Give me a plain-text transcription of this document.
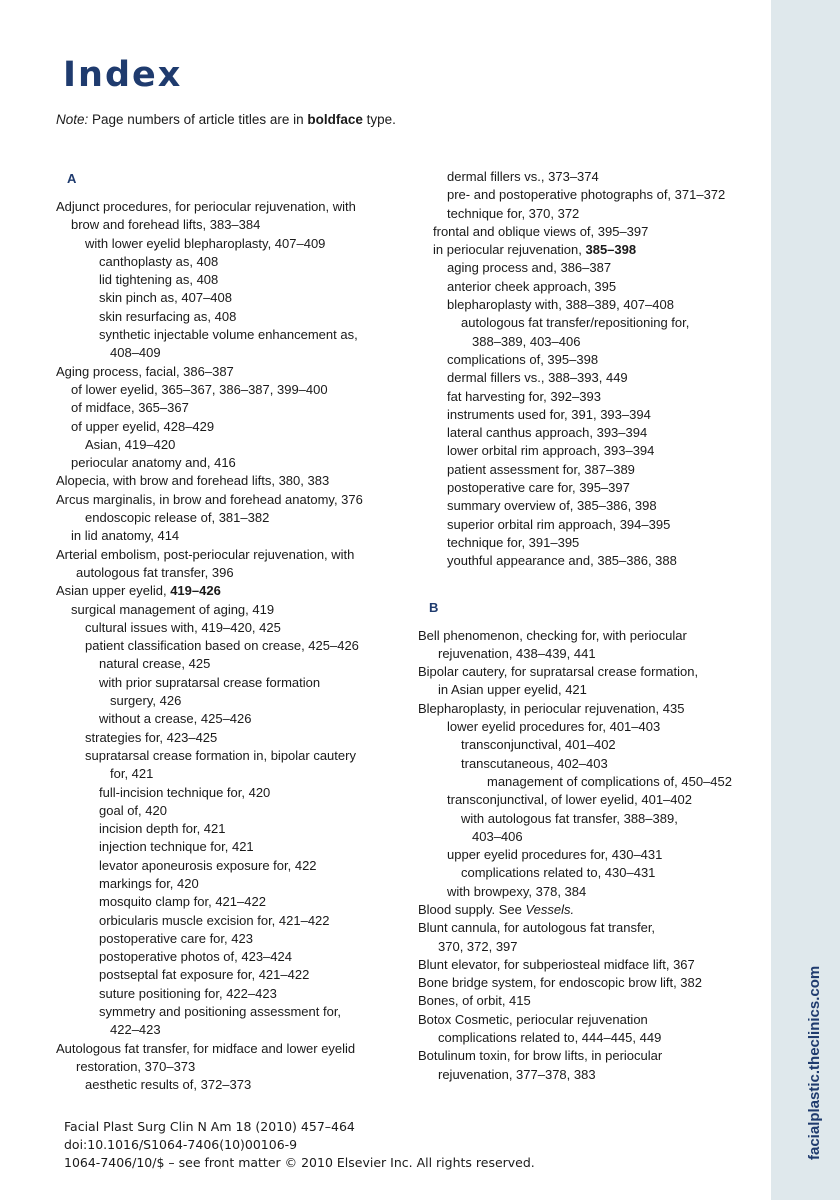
facialplastic.theclinics.com
Index
Note: Page numbers of article titles are in boldface type.
A
Adjunct procedures, for periocular rejuvenation, with
brow and forehead lifts, 383–384
with lower eyelid blepharoplasty, 407–409
canthoplasty as, 408
lid tightening as, 408
skin pinch as, 407–408
skin resurfacing as, 408
synthetic injectable volume enhancement as,
408–409
Aging process, facial, 386–387
of lower eyelid, 365–367, 386–387, 399–400
of midface, 365–367
of upper eyelid, 428–429
Asian, 419–420
periocular anatomy and, 416
Alopecia, with brow and forehead lifts, 380, 383
Arcus marginalis, in brow and forehead anatomy, 376
endoscopic release of, 381–382
in lid anatomy, 414
Arterial embolism, post-periocular rejuvenation, with
autologous fat transfer, 396
Asian upper eyelid, 419–426
surgical management of aging, 419
cultural issues with, 419–420, 425
patient classification based on crease, 425–426
natural crease, 425
with prior supratarsal crease formation
surgery, 426
without a crease, 425–426
strategies for, 423–425
supratarsal crease formation in, bipolar cautery
for, 421
full-incision technique for, 420
goal of, 420
incision depth for, 421
injection technique for, 421
levator aponeurosis exposure for, 422
markings for, 420
mosquito clamp for, 421–422
orbicularis muscle excision for, 421–422
postoperative care for, 423
postoperative photos of, 423–424
postseptal fat exposure for, 421–422
suture positioning for, 422–423
symmetry and positioning assessment for,
422–423
Autologous fat transfer, for midface and lower eyelid
restoration, 370–373
aesthetic results of, 372–373
dermal fillers vs., 373–374
pre- and postoperative photographs of, 371–372
technique for, 370, 372
frontal and oblique views of, 395–397
in periocular rejuvenation, 385–398
aging process and, 386–387
anterior cheek approach, 395
blepharoplasty with, 388–389, 407–408
autologous fat transfer/repositioning for,
388–389, 403–406
complications of, 395–398
dermal fillers vs., 388–393, 449
fat harvesting for, 392–393
instruments used for, 391, 393–394
lateral canthus approach, 393–394
lower orbital rim approach, 393–394
patient assessment for, 387–389
postoperative care for, 395–397
summary overview of, 385–386, 398
superior orbital rim approach, 394–395
technique for, 391–395
youthful appearance and, 385–386, 388
B
Bell phenomenon, checking for, with periocular
rejuvenation, 438–439, 441
Bipolar cautery, for supratarsal crease formation,
in Asian upper eyelid, 421
Blepharoplasty, in periocular rejuvenation, 435
lower eyelid procedures for, 401–403
transconjunctival, 401–402
transcutaneous, 402–403
management of complications of, 450–452
transconjunctival, of lower eyelid, 401–402
with autologous fat transfer, 388–389,
403–406
upper eyelid procedures for, 430–431
complications related to, 430–431
with browpexy, 378, 384
Blood supply. See Vessels.
Blunt cannula, for autologous fat transfer,
370, 372, 397
Blunt elevator, for subperiosteal midface lift, 367
Bone bridge system, for endoscopic brow lift, 382
Bones, of orbit, 415
Botox Cosmetic, periocular rejuvenation
complications related to, 444–445, 449
Botulinum toxin, for brow lifts, in periocular
rejuvenation, 377–378, 383
Facial Plast Surg Clin N Am 18 (2010) 457–464
doi:10.1016/S1064-7406(10)00106-9
1064-7406/10/$ – see front matter © 2010 Elsevier Inc. All rights reserved.
